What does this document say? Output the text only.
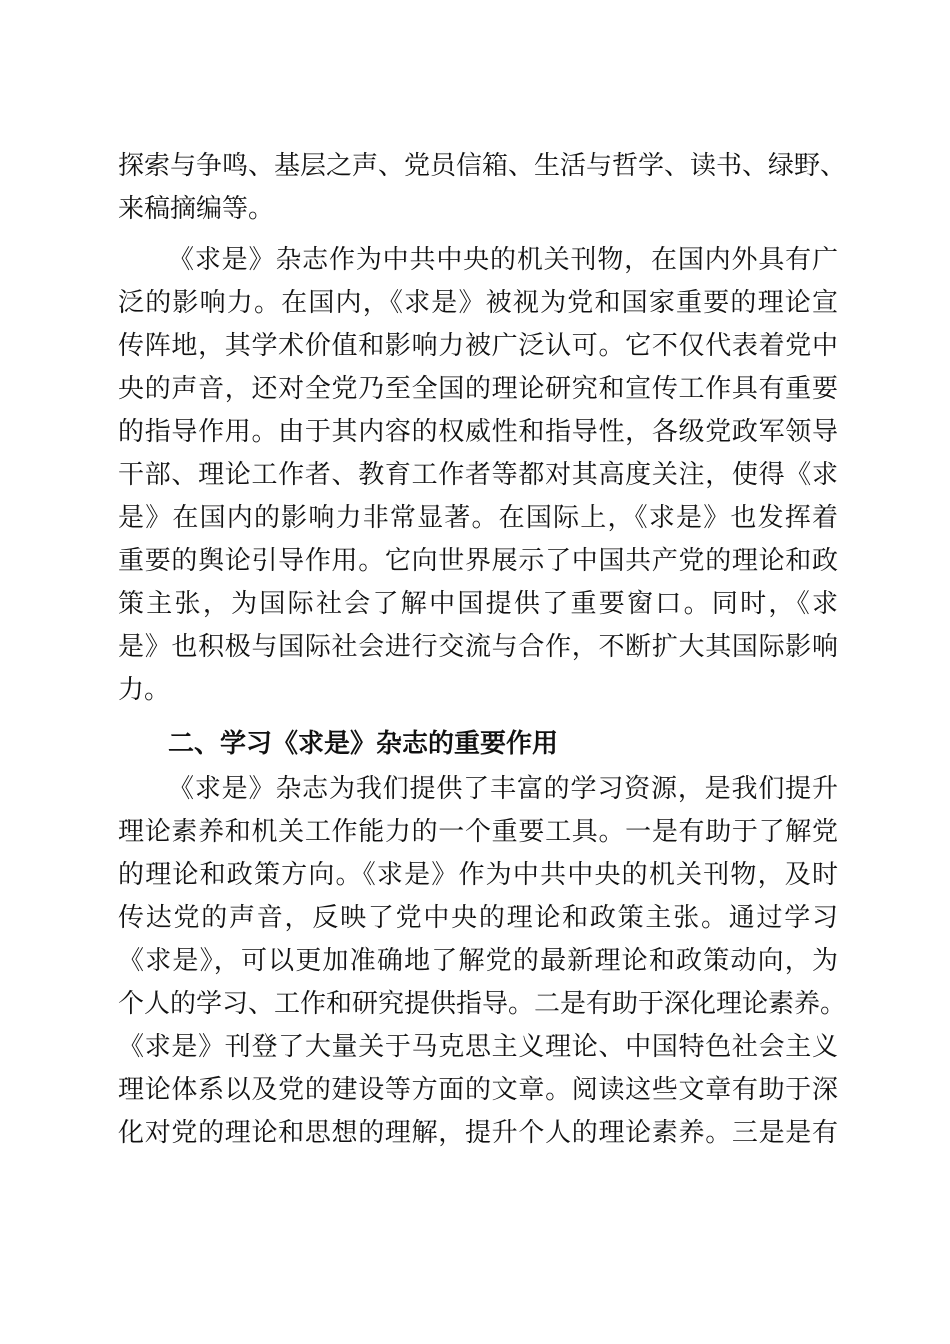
探索与争鸣、基层之声、党员信箱、生活与哲学、读书、绿野、
来稿摘编等。
《求是》杂志作为中共中央的机关刊物，在国内外具有广
泛的影响力。在国内，《求是》被视为党和国家重要的理论宣
传阵地，其学术价值和影响力被广泛认可。它不仅代表着党中
央的声音，还对全党乃至全国的理论研究和宣传工作具有重要
的指导作用。由于其内容的权威性和指导性，各级党政军领导
干部、理论工作者、教育工作者等都对其高度关注，使得《求
是》在国内的影响力非常显著。在国际上，《求是》也发挥着
重要的舆论引导作用。它向世界展示了中国共产党的理论和政
策主张，为国际社会了解中国提供了重要窗口。同时，《求
是》也积极与国际社会进行交流与合作，不断扩大其国际影响
力。
二、学习《求是》杂志的重要作用
《求是》杂志为我们提供了丰富的学习资源，是我们提升
理论素养和机关工作能力的一个重要工具。一是有助于了解党
的理论和政策方向。《求是》作为中共中央的机关刊物，及时
传达党的声音，反映了党中央的理论和政策主张。通过学习
《求是》，可以更加准确地了解党的最新理论和政策动向，为
个人的学习、工作和研究提供指导。二是有助于深化理论素养。
《求是》刊登了大量关于马克思主义理论、中国特色社会主义
理论体系以及党的建设等方面的文章。阅读这些文章有助于深
化对党的理论和思想的理解，提升个人的理论素养。三是是有
